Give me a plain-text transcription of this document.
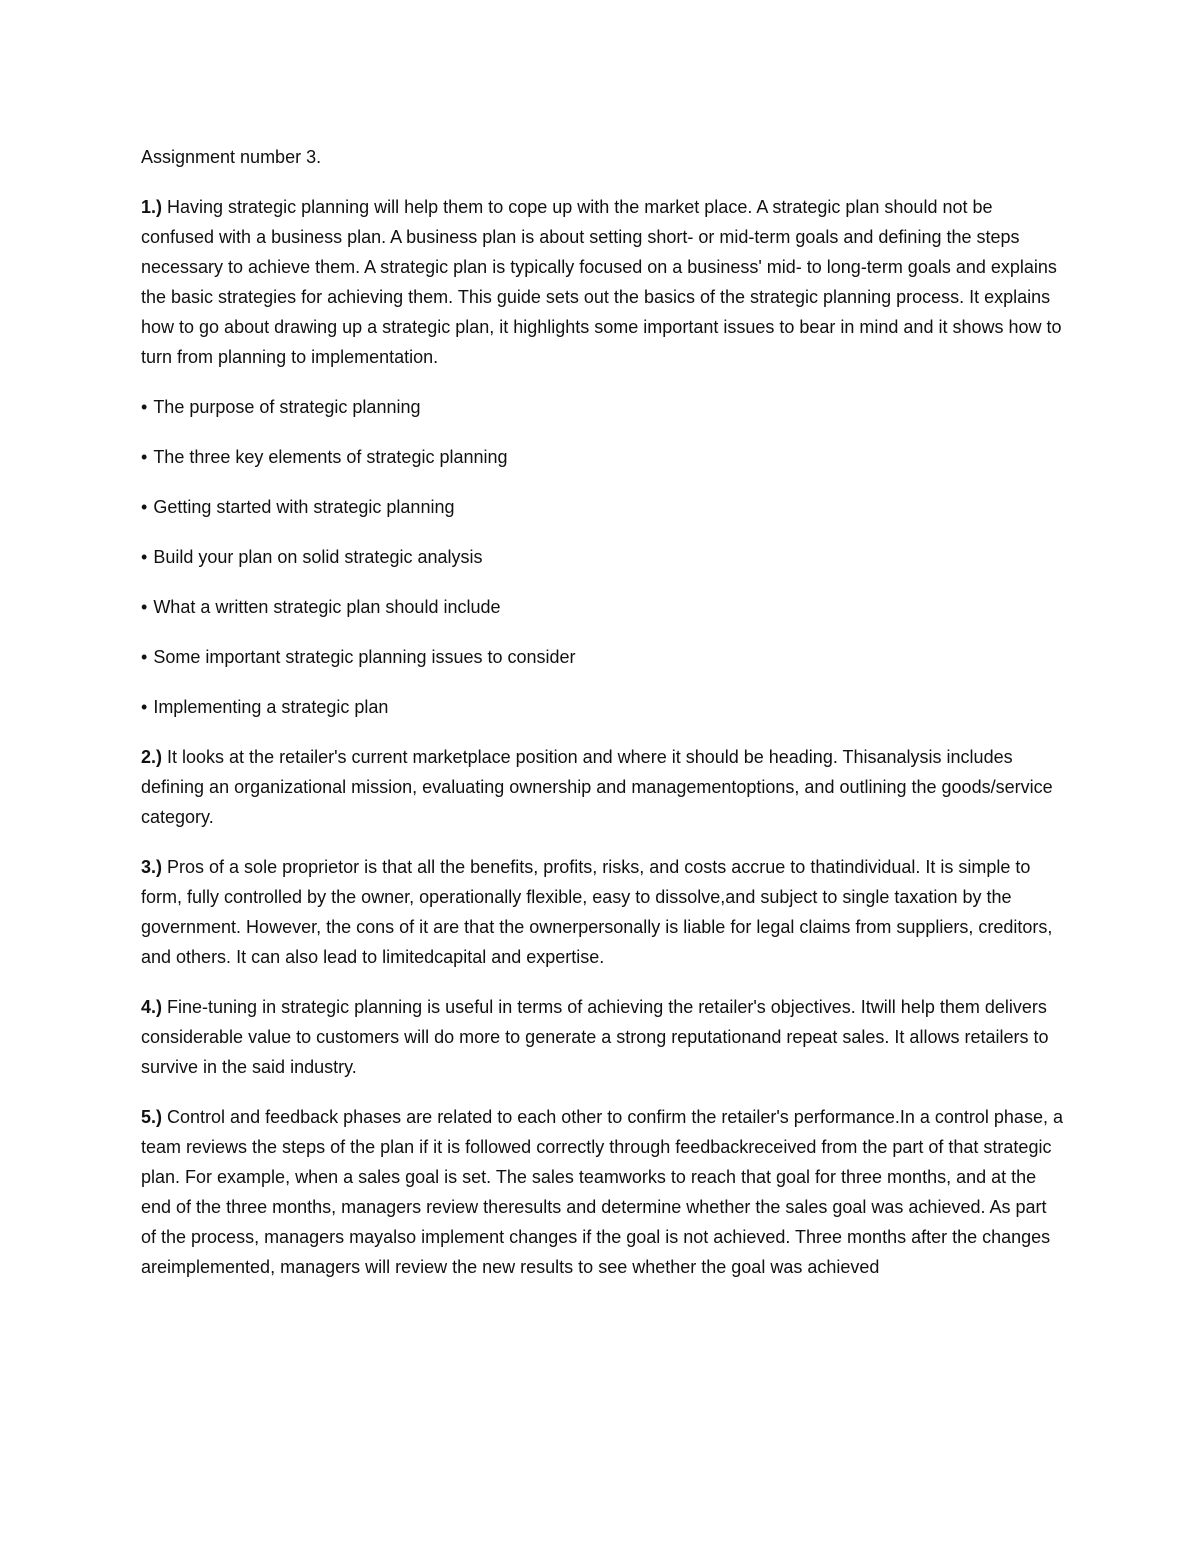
Assignment number 3.

1.) Having strategic planning will help them to cope up with the market place. A strategic plan should not be confused with a business plan. A business plan is about setting short- or mid-term goals and defining the steps necessary to achieve them. A strategic plan is typically focused on a business' mid- to long-term goals and explains the basic strategies for achieving them. This guide sets out the basics of the strategic planning process. It explains how to go about drawing up a strategic plan, it highlights some important issues to bear in mind and it shows how to turn from planning to implementation.

• The purpose of strategic planning

• The three key elements of strategic planning

• Getting started with strategic planning

• Build your plan on solid strategic analysis

• What a written strategic plan should include

• Some important strategic planning issues to consider

• Implementing a strategic plan

2.) It looks at the retailer's current marketplace position and where it should be heading. Thisanalysis includes defining an organizational mission, evaluating ownership and managementoptions, and outlining the goods/service category.

3.) Pros of a sole proprietor is that all the benefits, profits, risks, and costs accrue to thatindividual. It is simple to form, fully controlled by the owner, operationally flexible, easy to dissolve,and subject to single taxation by the government. However, the cons of it are that the ownerpersonally is liable for legal claims from suppliers, creditors, and others. It can also lead to limitedcapital and expertise.

4.) Fine-tuning in strategic planning is useful in terms of achieving the retailer's objectives. Itwill help them delivers considerable value to customers will do more to generate a strong reputationand repeat sales. It allows retailers to survive in the said industry.

5.) Control and feedback phases are related to each other to confirm the retailer's performance.In a control phase, a team reviews the steps of the plan if it is followed correctly through feedbackreceived from the part of that strategic plan. For example, when a sales goal is set. The sales teamworks to reach that goal for three months, and at the end of the three months, managers review theresults and determine whether the sales goal was achieved. As part of the process, managers mayalso implement changes if the goal is not achieved. Three months after the changes areimplemented, managers will review the new results to see whether the goal was achieved
